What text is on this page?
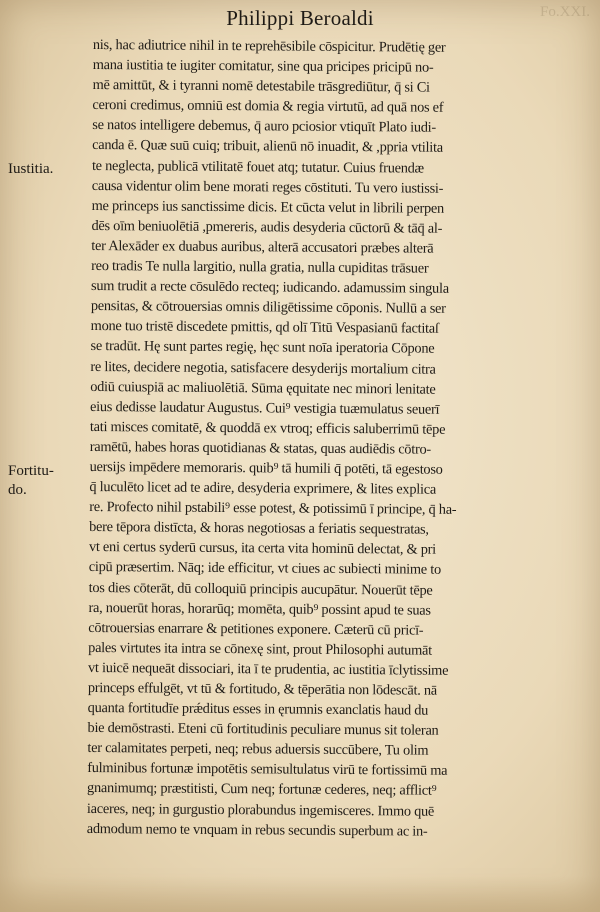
Fo.XXI.
Philippi Beroaldi
Iustitia.
Fortitu-
do.
nis, hac adiutrice nihil in te reprehēsibile cōspicitur. Prudētię ger
mana iustitia te iugiter comitatur, sine qua pricipes pricipū no-
mē amittūt, & i tyranni nomē detestabile trāsgrediūtur, q̄ si Ci
ceroni credimus, omniū est domia & regia virtutū, ad quā nos ef
se natos intelligere debemus, q̄ auro pciosior vtiquīt Plato iudi-
canda ē. Quæ suū cuiq; tribuit, alienū nō inuadit, & ,ppria vtilita
te neglecta, publicā vtilitatē fouet atq; tutatur. Cuius fruendæ
causa videntur olim bene morati reges cōstituti. Tu vero iustissi-
me princeps ius sanctissime dicis. Et cūcta velut in librili perpen
dēs oīm beniuolētiā ,pmereris, audis desyderia cūctorū & tāq̄ al-
ter Alexāder ex duabus auribus, alterā accusatori præbes alterā
reo tradis Te nulla largitio, nulla gratia, nulla cupiditas trāsuer
sum trudit a recte cōsulēdo recteq; iudicando. adamussim singula
pensitas, & cōtrouersias omnis diligētissime cōponis. Nullū a ser
mone tuo tristē discedete pmittis, qd olī Titū Vespasianū factitaſ
se tradūt. Hę sunt partes regię, hęc sunt noīa iperatoria Cōpone
re lites, decidere negotia, satisfacere desyderijs mortalium citra
odiū cuiuspiā ac maliuolētiā. Sūma ęquitate nec minori lenitate
eius dedisse laudatur Augustus. Cui⁹ vestigia tuæmulatus seuerī
tati misces comitatē, & quoddā ex vtroq; efficis saluberrimū tēpe
ramētū, habes horas quotidianas & statas, quas audiēdis cōtro-
uersijs impēdere memoraris. quib⁹ tā humili q̄ potēti, tā egestoso
q̄ luculēto licet ad te adire, desyderia exprimere, & lites explica
re. Profecto nihil pstabili⁹ esse potest, & potissimū ī principe, q̄ ha-
bere tēpora distīcta, & horas negotiosas a feriatis sequestratas,
vt eni certus syderū cursus, ita certa vita hominū delectat, & pri
cipū præsertim. Nāq; ide efficitur, vt ciues ac subiecti minime to
tos dies cōterāt, dū colloquiū principis aucupātur. Nouerūt tēpe
ra, nouerūt horas, horarūq; momēta, quib⁹ possint apud te suas
cōtrouersias enarrare & petitiones exponere. Cæterū cū pricī-
pales virtutes ita intra se cōnexę sint, prout Philosophi autumāt
vt iuicē nequeāt dissociari, ita ī te prudentia, ac iustitia īclytissime
princeps effulgēt, vt tū & fortitudo, & tēperātia non lōdescāt. nā
quanta fortitudīe prǽditus esses in ęrumnis exanclatis haud du
bie demōstrasti. Eteni cū fortitudinis peculiare munus sit toleran
ter calamitates perpeti, neq; rebus aduersis succūbere, Tu olim
fulminibus fortunæ impotētis semisultulatus virū te fortissimū ma
gnanimumq; præstitisti, Cum neq; fortunæ cederes, neq; afflict⁹
iaceres, neq; in gurgustio plorabundus ingemisceres. Immo quē
admodum nemo te vnquam in rebus secundis superbum ac in-
